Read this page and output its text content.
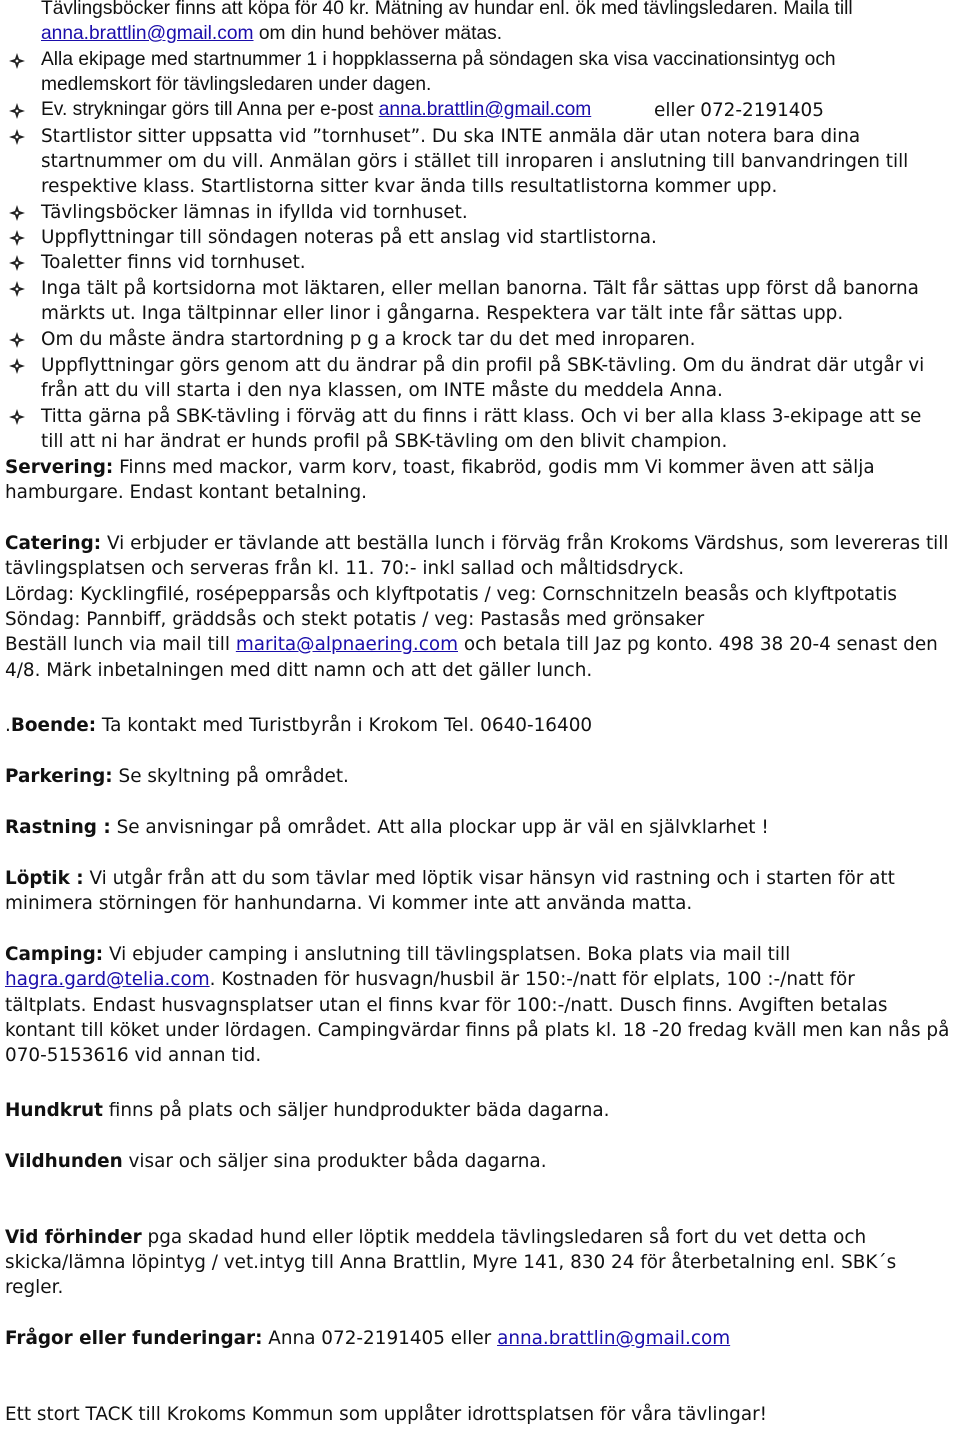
Tävlingsböcker finns att köpa för 40 kr. Mätning av hundar enl. ök med tävlingsledaren. Maila till
anna.brattlin@gmail.com om din hund behöver mätas.
Alla ekipage med startnummer 1 i hoppklasserna på söndagen ska visa vaccinationsintyg och
medlemskort för tävlingsledaren under dagen.
Ev. strykningar görs till Anna per e-post anna.brattlin@gmail.com	eller 072-2191405
Startlistor sitter uppsatta vid ”tornhuset”. Du ska INTE anmäla där utan notera bara dina
startnummer om du vill. Anmälan görs i stället till inroparen i anslutning till banvandringen till
respektive klass. Startlistorna sitter kvar ända tills resultatlistorna kommer upp.
Tävlingsböcker lämnas in ifyllda vid tornhuset.
Uppflyttningar till söndagen noteras på ett anslag vid startlistorna.
Toaletter finns vid tornhuset.
Inga tält på kortsidorna mot läktaren, eller mellan banorna. Tält får sättas upp först då banorna
märkts ut. Inga tältpinnar eller linor i gångarna. Respektera var tält inte får sättas upp.
Om du måste ändra startordning p g a krock tar du det med inroparen.
Uppflyttningar görs genom att du ändrar på din profil på SBK-tävling. Om du ändrat där utgår vi
från att du vill starta i den nya klassen, om INTE måste du meddela Anna.
Titta gärna på SBK-tävling i förväg att du finns i rätt klass. Och vi ber alla klass 3-ekipage att se
till att ni har ändrat er hunds profil på SBK-tävling om den blivit champion.
Servering: Finns med mackor, varm korv, toast, fikabröd, godis mm Vi kommer även att sälja
hamburgare. Endast kontant betalning.
Catering: Vi erbjuder er tävlande att beställa lunch i förväg från Krokoms Värdshus, som levereras till
tävlingsplatsen och serveras från kl. 11. 70:- inkl sallad och måltidsdryck.
Lördag: Kycklingfilé, rosépepparsås och klyftpotatis / veg: Cornschnitzeln beasås och klyftpotatis
Söndag: Pannbiff, gräddsås och stekt potatis / veg: Pastasås med grönsaker
Beställ lunch via mail till marita@alpnaering.com och betala till Jaz pg konto. 498 38 20-4 senast den
4/8. Märk inbetalningen med ditt namn och att det gäller lunch.
.Boende: Ta kontakt med Turistbyrån i Krokom Tel. 0640-16400
Parkering: Se skyltning på området.
Rastning : Se anvisningar på området. Att alla plockar upp är väl en självklarhet !
Löptik : Vi utgår från att du som tävlar med löptik visar hänsyn vid rastning och i starten för att
minimera störningen för hanhundarna. Vi kommer inte att använda matta.
Camping: Vi ebjuder camping i anslutning till tävlingsplatsen. Boka plats via mail till
hagra.gard@telia.com. Kostnaden för husvagn/husbil är 150:-/natt för elplats, 100 :-/natt för
tältplats. Endast husvagnsplatser utan el finns kvar för 100:-/natt. Dusch finns. Avgiften betalas
kontant till köket under lördagen. Campingvärdar finns på plats kl. 18 -20 fredag kväll men kan nås på
070-5153616 vid annan tid.
Hundkrut finns på plats och säljer hundprodukter bäda dagarna.
Vildhunden visar och säljer sina produkter båda dagarna.
Vid förhinder pga skadad hund eller löptik meddela tävlingsledaren så fort du vet detta och
skicka/lämna löpintyg / vet.intyg till Anna Brattlin, Myre 141, 830 24 för återbetalning enl. SBK´s
regler.
Frågor eller funderingar: Anna 072-2191405 eller anna.brattlin@gmail.com
Ett stort TACK till Krokoms Kommun som upplåter idrottsplatsen för våra tävlingar!
